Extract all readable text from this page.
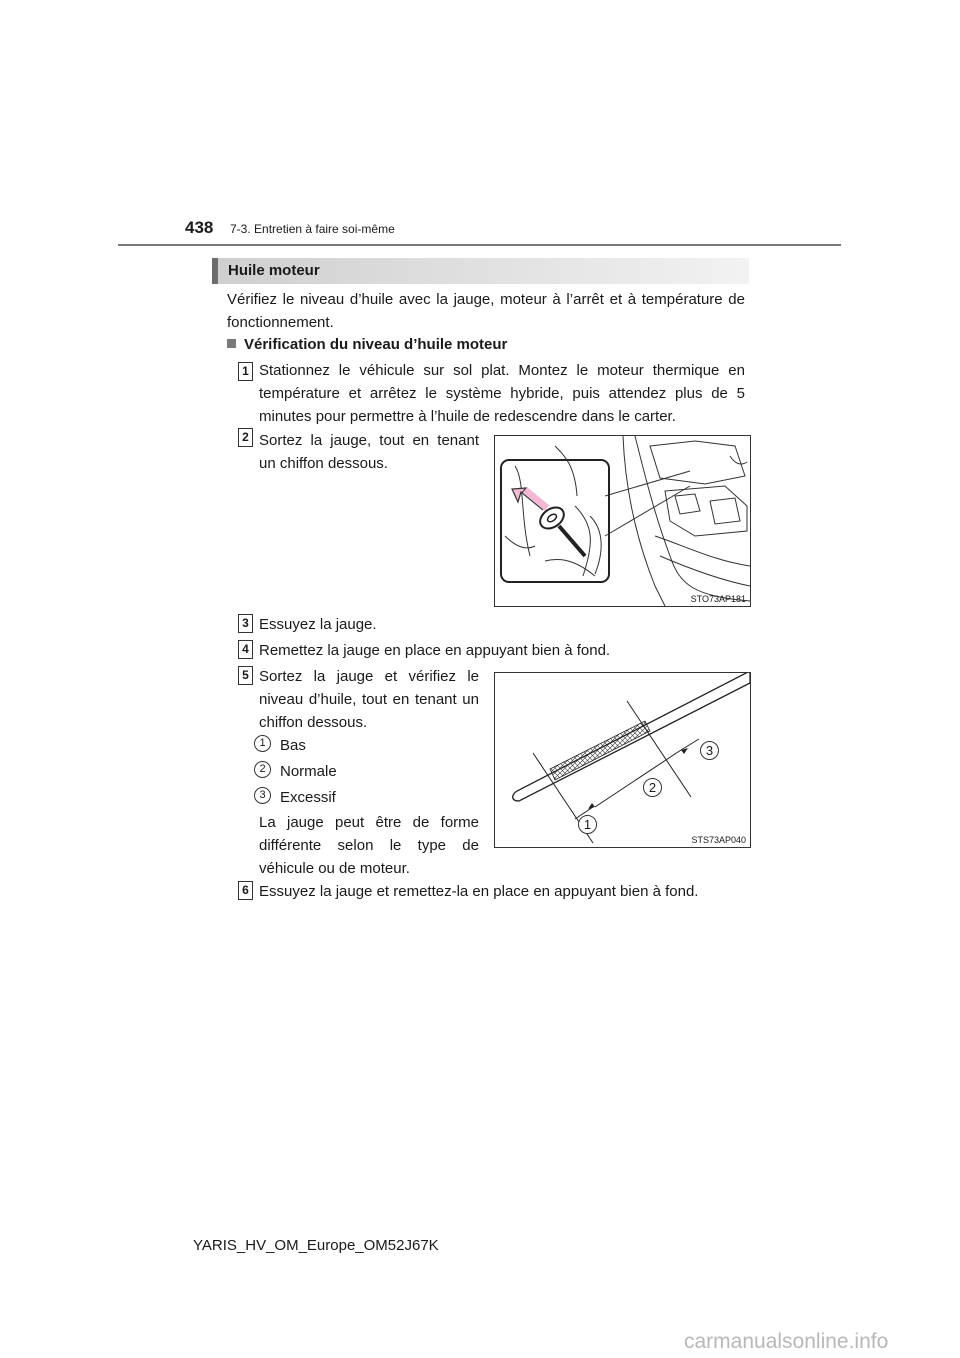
438 7-3. Entretien à faire soi-même
Huile moteur
Vérifiez le niveau d’huile avec la jauge, moteur à l’arrêt et à température de fonctionnement.
Vérification du niveau d’huile moteur
1 Stationnez le véhicule sur sol plat. Montez le moteur thermique en température et arrêtez le système hybride, puis attendez plus de 5 minutes pour permettre à l’huile de redescendre dans le carter.
2 Sortez la jauge, tout en tenant un chiffon dessous.
STO73AP181
3 Essuyez la jauge.
4 Remettez la jauge en place en appuyant bien à fond.
5 Sortez la jauge et vérifiez le niveau d’huile, tout en tenant un chiffon dessous.
1 Bas
2 Normale
3 Excessif
La jauge peut être de forme différente selon le type de véhicule ou de moteur.
3
2
1
STS73AP040
6 Essuyez la jauge et remettez-la en place en appuyant bien à fond.
YARIS_HV_OM_Europe_OM52J67K
carmanualsonline.info
